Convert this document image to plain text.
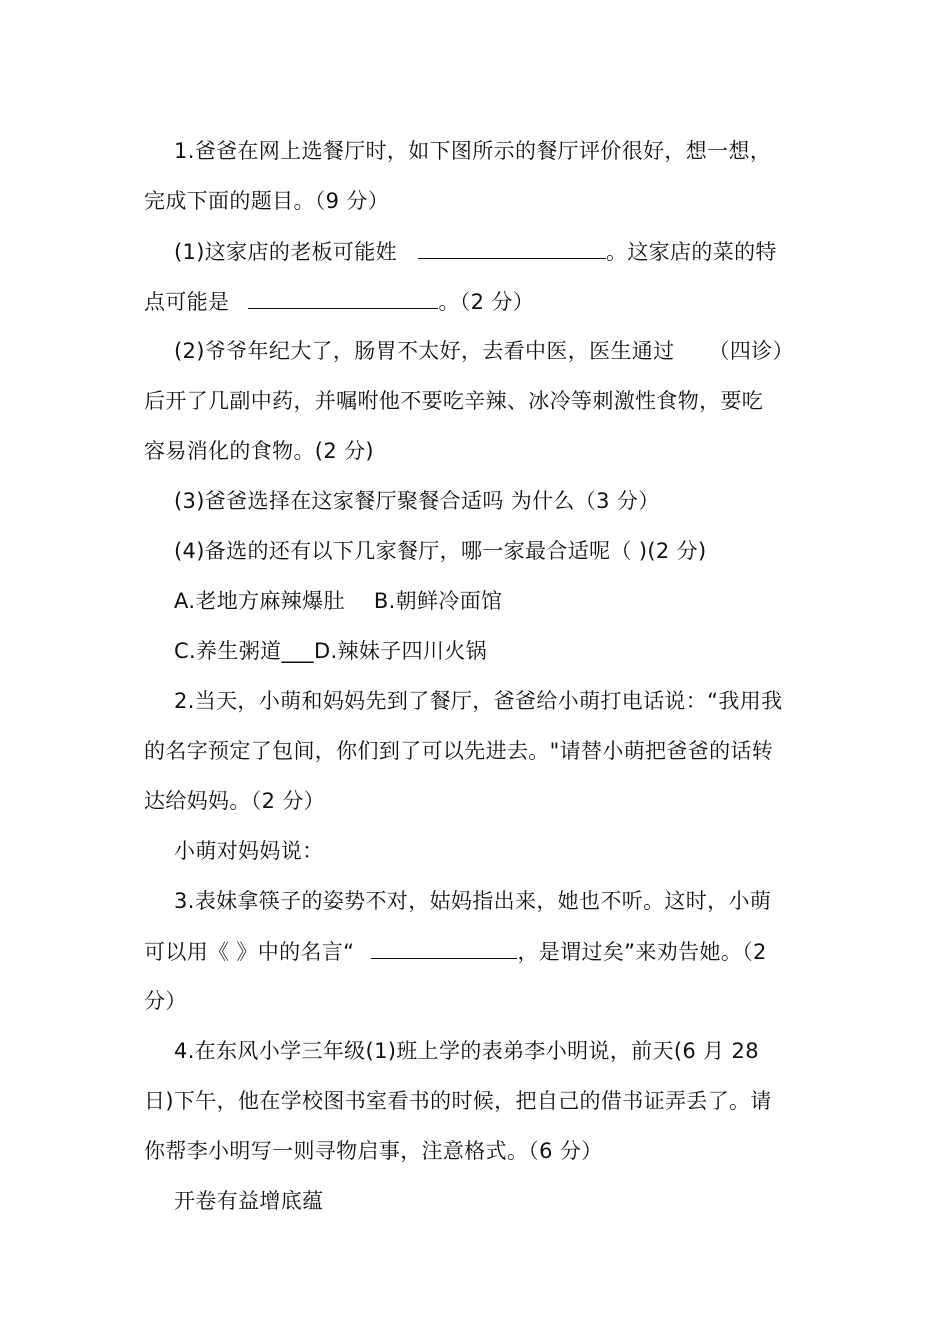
1.爸爸在网上选餐厅时，如下图所示的餐厅评价很好，想一想，
完成下面的题目。（9 分）
(1)这家店的老板可能姓	。这家店的菜的特
点可能是	。（2 分）
(2)爷爷年纪大了，肠胃不太好，去看中医，医生通过 （四诊）
后开了几副中药，并嘱咐他不要吃辛辣、冰冷等刺激性食物，要吃
容易消化的食物。(2 分)
(3)爸爸选择在这家餐厅聚餐合适吗 为什么（3 分）
(4)备选的还有以下几家餐厅，哪一家最合适呢（ )(2 分)
A.老地方麻辣爆肚 B.朝鲜冷面馆
C.养生粥道___D.辣妹子四川火锅
2.当天，小萌和妈妈先到了餐厅，爸爸给小萌打电话说：“我用我
的名字预定了包间，你们到了可以先进去。"请替小萌把爸爸的话转
达给妈妈。（2 分）
小萌对妈妈说：
3.表妹拿筷子的姿势不对，姑妈指出来，她也不听。这时，小萌
可以用《 》中的名言“	，是谓过矣”来劝告她。（2
分）
4.在东风小学三年级(1)班上学的表弟李小明说，前天(6 月 28
日)下午，他在学校图书室看书的时候，把自己的借书证弄丢了。请
你帮李小明写一则寻物启事，注意格式。（6 分）
开卷有益增底蕴
